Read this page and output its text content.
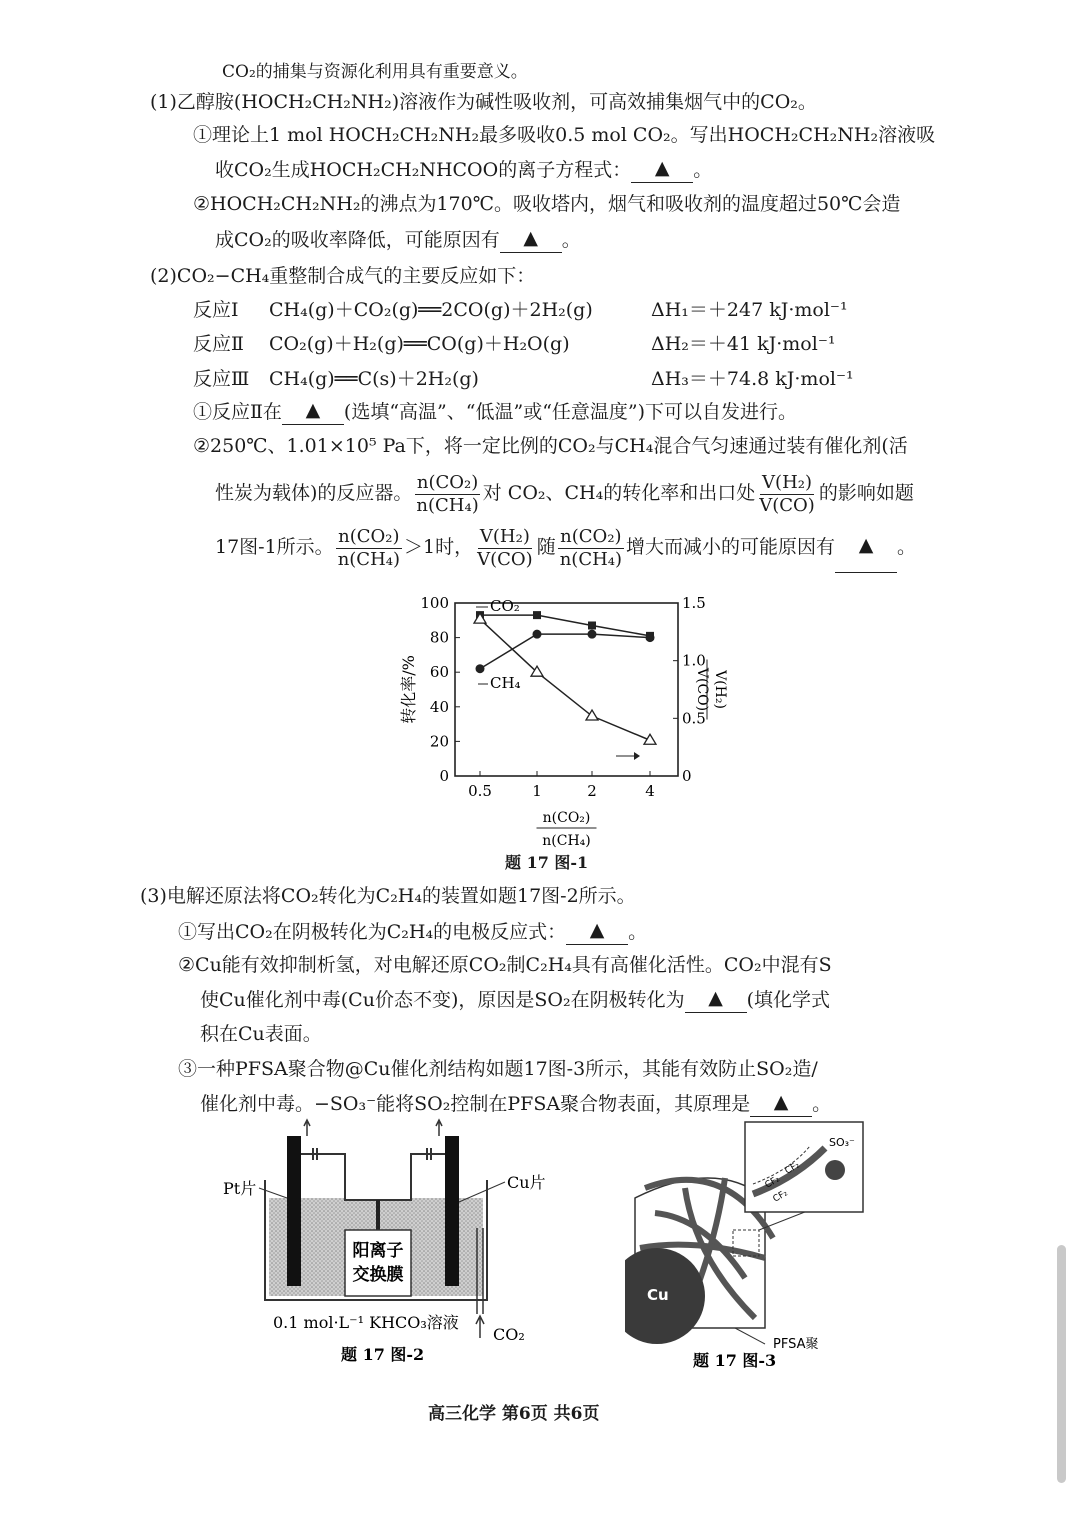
CO₂的捕集与资源化利用具有重要意义。
(1)乙醇胺(HOCH₂CH₂NH₂)溶液作为碱性吸收剂，可高效捕集烟气中的CO₂。
①理论上1 mol HOCH₂CH₂NH₂最多吸收0.5 mol CO₂。写出HOCH₂CH₂NH₂溶液吸
收CO₂生成HOCH₂CH₂NHCOO的离子方程式： ▲ 。
②HOCH₂CH₂NH₂的沸点为170℃。吸收塔内，烟气和吸收剂的温度超过50℃会造
成CO₂的吸收率降低，可能原因有 ▲ 。
(2)CO₂−CH₄重整制合成气的主要反应如下：
反应Ⅰ CH₄(g)＋CO₂(g)══2CO(g)＋2H₂(g)	ΔH₁＝＋247 kJ·mol⁻¹
反应Ⅱ CO₂(g)＋H₂(g)══CO(g)＋H₂O(g)	ΔH₂＝＋41 kJ·mol⁻¹
反应Ⅲ CH₄(g)══C(s)＋2H₂(g)	ΔH₃＝＋74.8 kJ·mol⁻¹
①反应Ⅱ在 ▲ (选填“高温”、“低温”或“任意温度”)下可以自发进行。
②250℃、1.01×10⁵ Pa下，将一定比例的CO₂与CH₄混合气匀速通过装有催化剂(活
性炭为载体)的反应器。 $\frac{\text{n(CO₂)}}{\text{n(CH₄)}}$ 对 CO₂、CH₄的转化率和出口处 $\frac{\text{V(H₂)}}{V(CO)}$ 的影响如题
17图-1所示。 $\frac{\text{n(CO₂)}}{\text{n(CH₄)}} >1$时， $\frac{\text{V(H₂)}}{V(CO)}$ 随 $\frac{\text{n(CO₂)}}{\text{n(CH₄)}}$ 增大而减小的可能原因有 ▲ 。
0
20
40
60
80
100
0
0.5
1.0
1.5
0.5	1	2	4
转化率/%	V(H₂)
V(CO)
n(CO₂)
n(CH₄)
CO₂
CH₄
题 17 图-1
(3)电解还原法将CO₂转化为C₂H₄的装置如题17图-2所示。
①写出CO₂在阴极转化为C₂H₄的电极反应式： ▲ 。
②Cu能有效抑制析氢，对电解还原CO₂制C₂H₄具有高催化活性。CO₂中混有S
使Cu催化剂中毒(Cu价态不变)，原因是SO₂在阴极转化为 ▲ (填化学式
积在Cu表面。
③一种PFSA聚合物@Cu催化剂结构如题17图-3所示，其能有效防止SO₂造/
催化剂中毒。−SO₃⁻能将SO₂控制在PFSA聚合物表面，其原理是 ▲ 。
阳离子
交换膜
CO₂
Pt片	Cu片
0.1 mol·L⁻¹ KHCO₃溶液
题 17 图-2
Cu
CF₂
CF₂
CF₂
SO₃⁻
PFSA聚
题 17 图-3
高三化学 第6页 共6页
